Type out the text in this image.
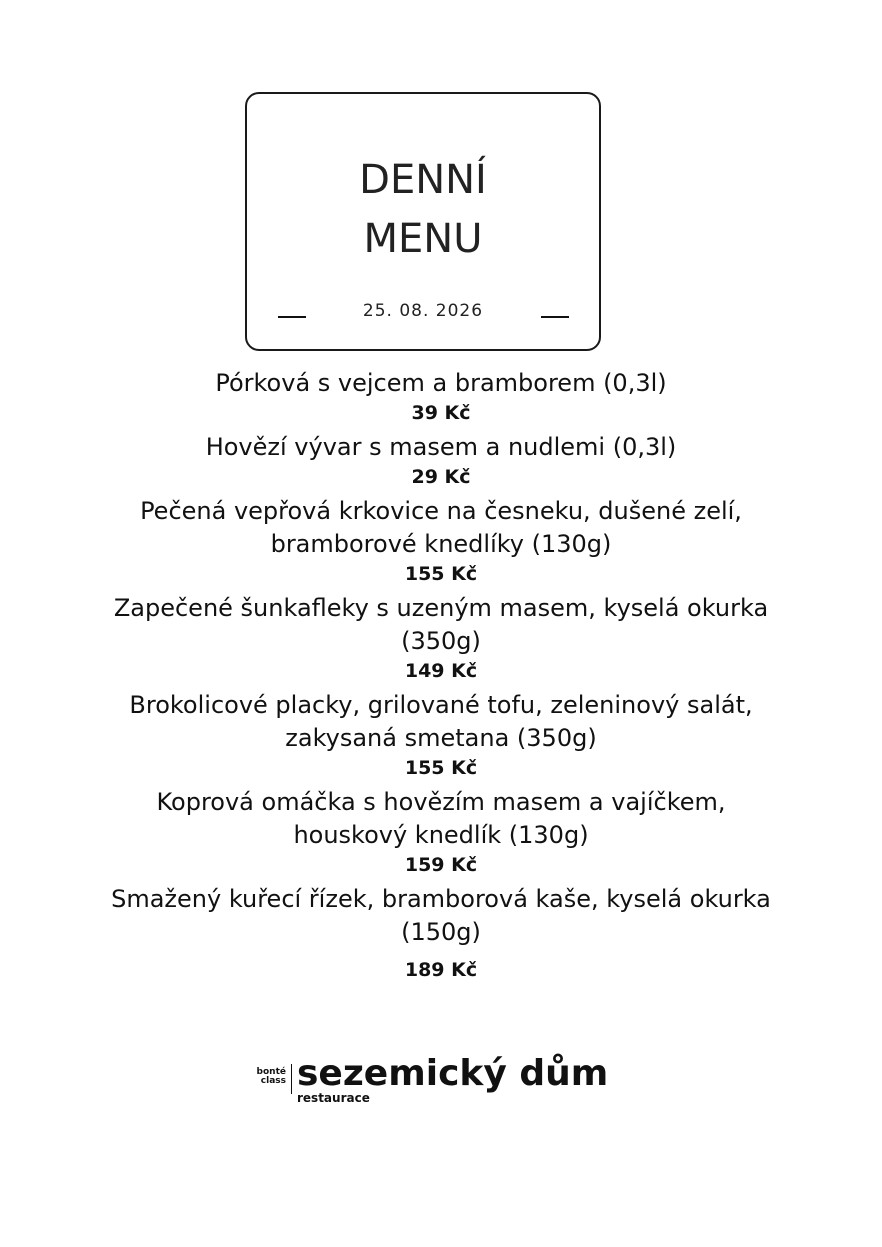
DENNÍ
MENU
25. 08. 2026
Pórková s vejcem a bramborem (0,3l)
39 Kč
Hovězí vývar s masem a nudlemi (0,3l)
29 Kč
Pečená vepřová krkovice na česneku, dušené zelí, bramborové knedlíky (130g)
155 Kč
Zapečené šunkafleky s uzeným masem, kyselá okurka (350g)
149 Kč
Brokolicové placky, grilované tofu, zeleninový salát, zakysaná smetana (350g)
155 Kč
Koprová omáčka s hovězím masem a vajíčkem, houskový knedlík (130g)
159 Kč
Smažený kuřecí řízek, bramborová kaše, kyselá okurka (150g)
189 Kč
bonté
class sezemický dům
restaurace
